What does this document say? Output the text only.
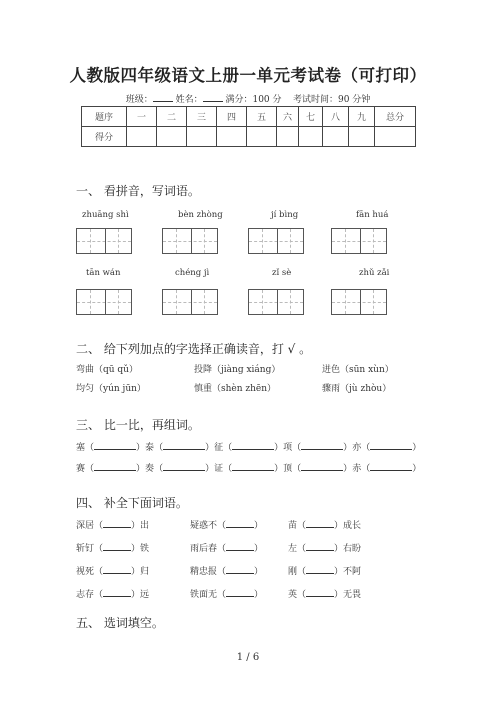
人教版四年级语文上册一单元考试卷（可打印）
班级：	姓名：	满分：100 分 考试时间：90 分钟
题序	一	二	三	四	五	六	七	八	九	总分
得分										
一、 看拼音，写词语。
zhuāng shì	bèn zhòng	jí bìng	fān huá
tān wán	chéng jì	zǐ sè	zhǔ zǎi
二、 给下列加点的字选择正确读音，打 √ 。
弯曲（qū qǔ）	投降（jiàng xiáng）	迸色（sūn xùn）
均匀（yún jūn）	慎重（shèn zhēn）	骤雨（jù zhòu）
三、 比一比，再组词。
塞（	）泰（	）征（	）项（	）亦（	）
赛（	）奏（	）证（	）顶（	）赤（	）
四、 补全下面词语。
深居（	）出	疑惑不（	）	苗（	）成长
斩钉（	）铁	雨后春（	）	左（	）右盼
视死（	）归	精忠报（	）	刚（	）不阿
志存（	）远	铁面无（	）	英（	）无畏
五、 选词填空。
1 / 6
